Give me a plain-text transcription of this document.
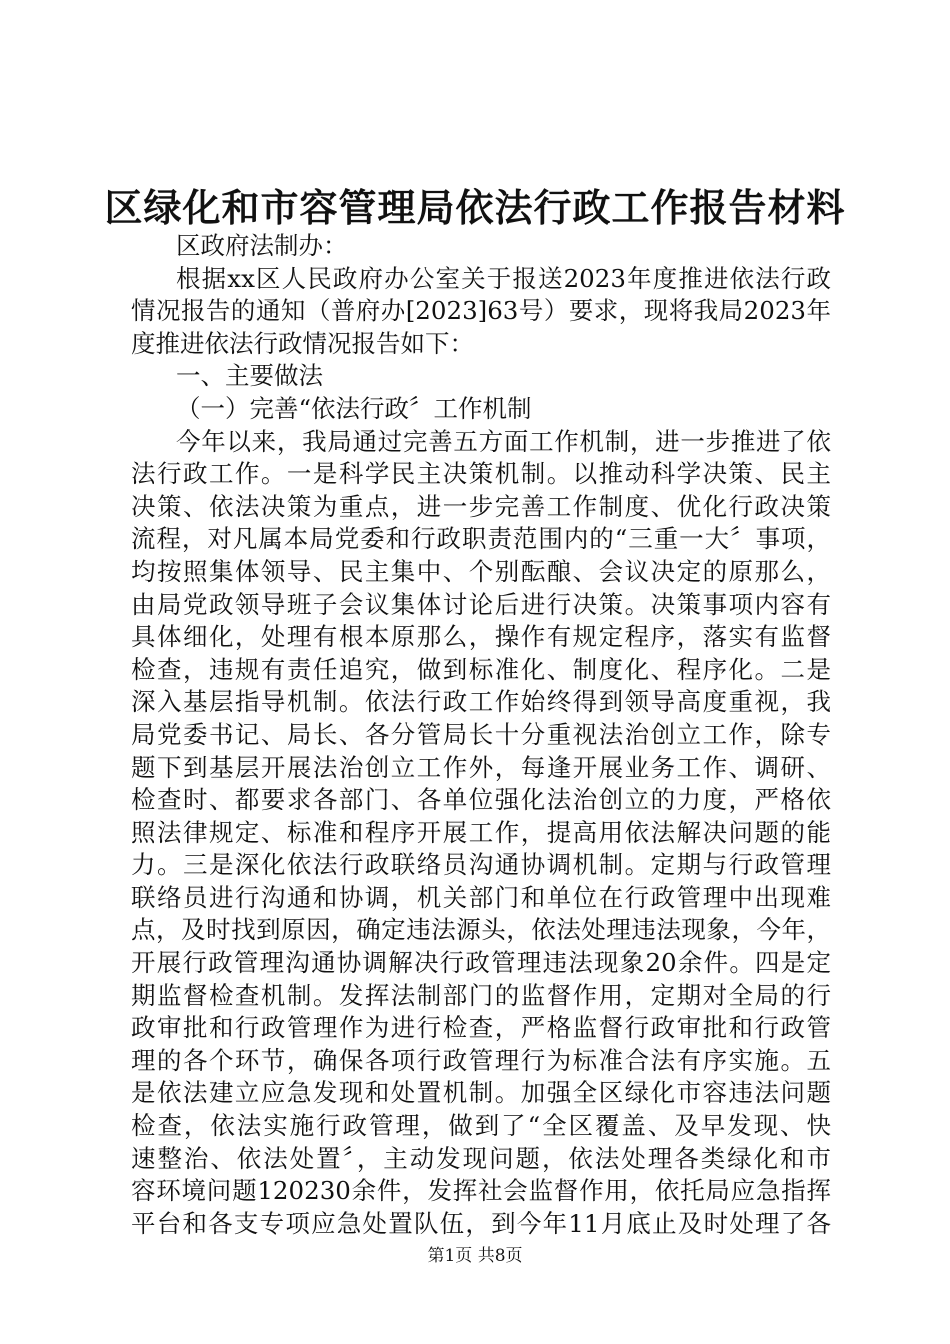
区绿化和市容管理局依法行政工作报告材料
区政府法制办：
根据xx区人民政府办公室关于报送2023年度推进依法行政
情况报告的通知（普府办[2023]63号）要求，现将我局2023年
度推进依法行政情况报告如下：
一、主要做法
（一）完善“依法行政〞工作机制
今年以来，我局通过完善五方面工作机制，进一步推进了依
法行政工作。一是科学民主决策机制。以推动科学决策、民主
决策、依法决策为重点，进一步完善工作制度、优化行政决策
流程，对凡属本局党委和行政职责范围内的“三重一大〞事项，
均按照集体领导、民主集中、个别酝酿、会议决定的原那么，
由局党政领导班子会议集体讨论后进行决策。决策事项内容有
具体细化，处理有根本原那么，操作有规定程序，落实有监督
检查，违规有责任追究，做到标准化、制度化、程序化。二是
深入基层指导机制。依法行政工作始终得到领导高度重视，我
局党委书记、局长、各分管局长十分重视法治创立工作，除专
题下到基层开展法治创立工作外，每逢开展业务工作、调研、
检查时、都要求各部门、各单位强化法治创立的力度，严格依
照法律规定、标准和程序开展工作，提高用依法解决问题的能
力。三是深化依法行政联络员沟通协调机制。定期与行政管理
联络员进行沟通和协调，机关部门和单位在行政管理中出现难
点，及时找到原因，确定违法源头，依法处理违法现象，今年，
开展行政管理沟通协调解决行政管理违法现象20余件。四是定
期监督检查机制。发挥法制部门的监督作用，定期对全局的行
政审批和行政管理作为进行检查，严格监督行政审批和行政管
理的各个环节，确保各项行政管理行为标准合法有序实施。五
是依法建立应急发现和处置机制。加强全区绿化市容违法问题
检查，依法实施行政管理，做到了“全区覆盖、及早发现、快
速整治、依法处置〞，主动发现问题，依法处理各类绿化和市
容环境问题120230余件，发挥社会监督作用，依托局应急指挥
平台和各支专项应急处置队伍，到今年11月底止及时处理了各
第1页 共8页
